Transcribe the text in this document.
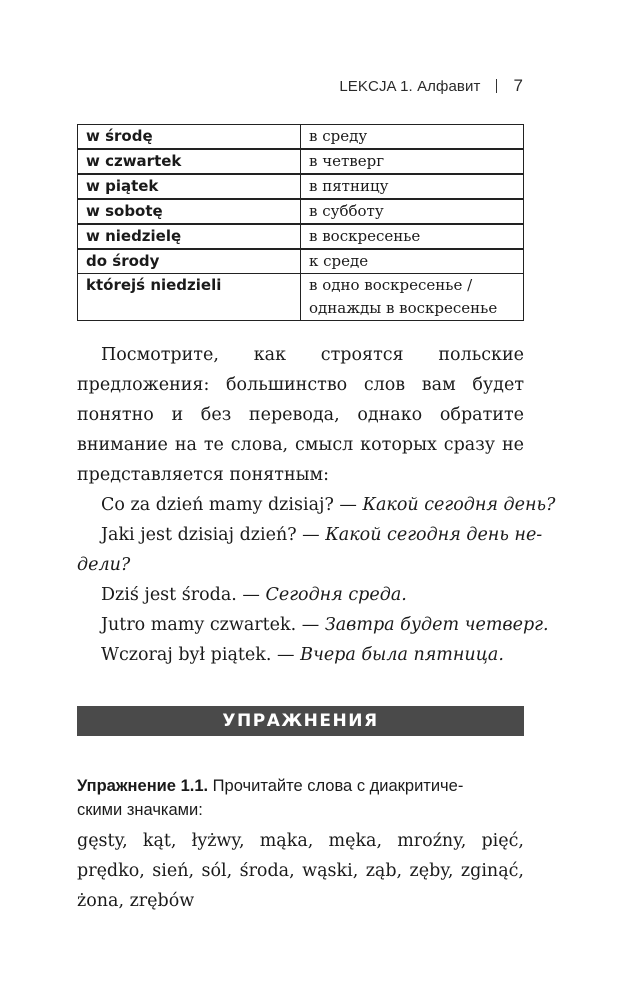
LEKCJA 1. Алфавит 7
w środę	в среду
w czwartek	в четверг
w piątek	в пятницу
w sobotę	в субботу
w niedzielę	в воскресенье
do środy	к среде
którejś niedzieli	в одно воскресенье /
однажды в воскресенье
Посмотрите, как строятся польские предложения: большинство слов вам будет понятно и без перевода, однако обратите внимание на те слова, смысл которых сразу не представляется понятным:
Co za dzień mamy dzisiaj? — Какой сегодня день?
Jaki jest dzisiaj dzień? — Какой сегодня день не-
дели?
Dziś jest środa. — Сегодня среда.
Jutro mamy czwartek. — Завтра будет четверг.
Wczoraj był piątek. — Вчера была пятница.
УПРАЖНЕНИЯ
Упражнение 1.1. Прочитайте слова с диакритиче-
скими значками:
gęsty, kąt, łyżwy, mąka, męka, mroźny, pięć, prędko, sień, sól, środa, wąski, ząb, zęby, zginąć, żona, zrębów
